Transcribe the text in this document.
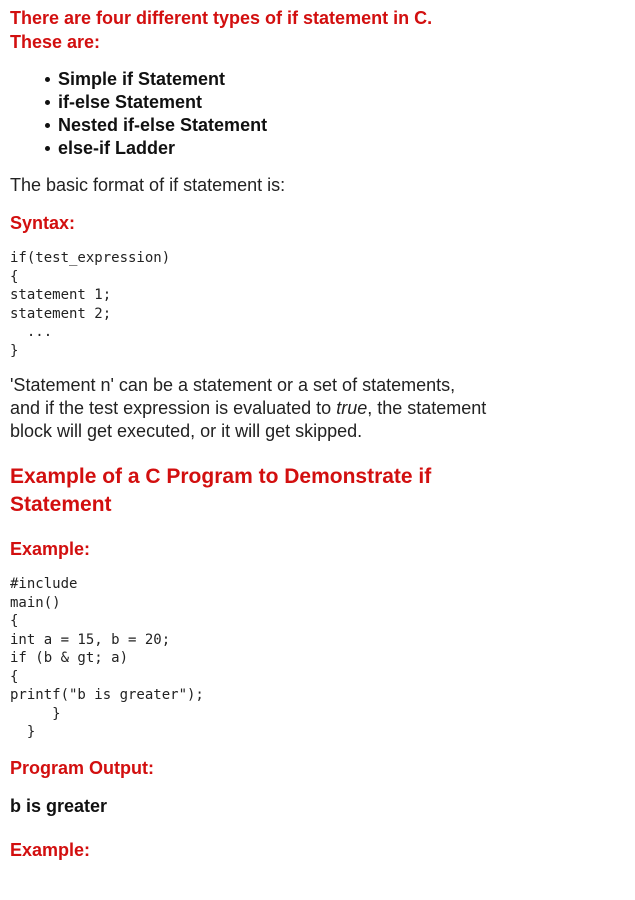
There are four different types of if statement in C.
These are:
Simple if Statement
if-else Statement
Nested if-else Statement
else-if Ladder

The basic format of if statement is:

Syntax:
if(test_expression)
{
statement 1;
statement 2;
...
}

'Statement n' can be a statement or a set of statements, and if the test expression is evaluated to true, the statement block will get executed, or it will get skipped.

Example of a C Program to Demonstrate if Statement
Example:
#include
main()
{
int a = 15, b = 20;
if (b & gt; a)
{
printf("b is greater");
}
}
Program Output:
b is greater
Example:
